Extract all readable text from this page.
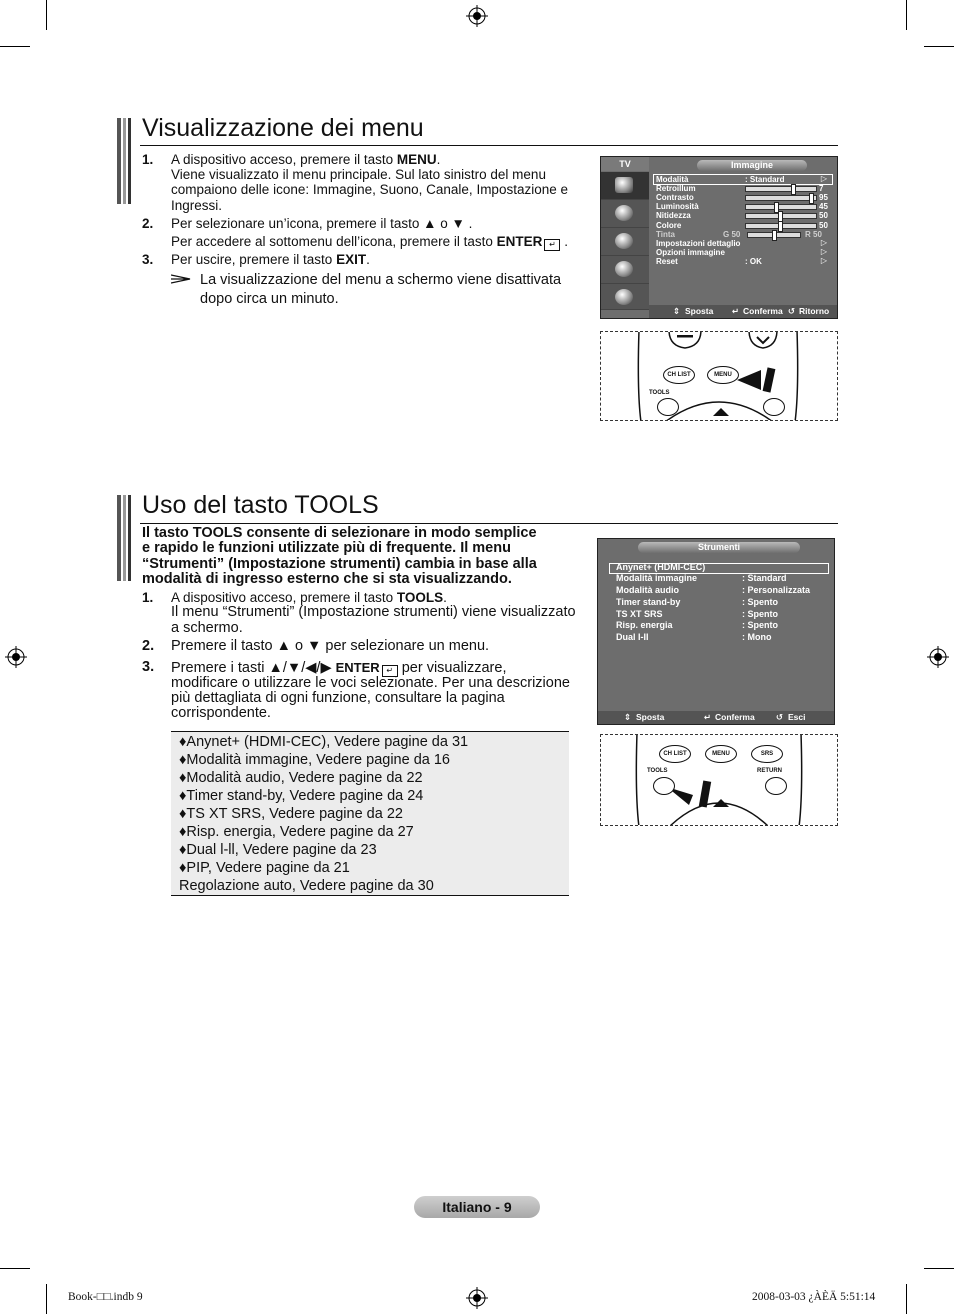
Visualizzazione dei menu
1. A dispositivo acceso, premere il tasto MENU.
Viene visualizzato il menu principale. Sul lato sinistro del menu
compaiono delle icone: Immagine, Suono, Canale, Impostazione e
Ingressi.
2. Per selezionare un’icona, premere il tasto ▲ o ▼ .
Per accedere al sottomenu dell’icona, premere il tasto ENTER ↵ .
3. Per uscire, premere il tasto EXIT.
La visualizzazione del menu a schermo viene disattivata
dopo circa un minuto.
TV	Immagine
Modalità	: Standard	▷
Retroillum	7
Contrasto	95
Luminosità	45
Nitidezza	50
Colore	50
Tinta	G 50	R 50
Impostazioni dettaglio	▷
Opzioni immagine	▷
Reset	: OK	▷
⇕ Sposta ↵ Conferma ↺ Ritorno
CH LIST	MENU
TOOLS
Uso del tasto TOOLS
Il tasto TOOLS consente di selezionare in modo semplice
e rapido le funzioni utilizzate più di frequente. Il menu
“Strumenti” (Impostazione strumenti) cambia in base alla
modalità di ingresso esterno che si sta visualizzando.
1. A dispositivo acceso, premere il tasto TOOLS.
Il menu “Strumenti” (Impostazione strumenti) viene visualizzato
a schermo.
2. Premere il tasto ▲ o ▼ per selezionare un menu.
3. Premere i tasti ▲/▼/◀/▶ ENTER ↵ per visualizzare,
modificare o utilizzare le voci selezionate. Per una descrizione
più dettagliata di ogni funzione, consultare la pagina
corrispondente.
♦Anynet+ (HDMI-CEC), Vedere pagine da 31
♦Modalità immagine, Vedere pagine da 16
♦Modalità audio, Vedere pagine da 22
♦Timer stand-by, Vedere pagine da 24
♦TS XT SRS, Vedere pagine da 22
♦Risp. energia, Vedere pagine da 27
♦Dual l-ll, Vedere pagine da 23
♦PIP, Vedere pagine da 21
Regolazione auto, Vedere pagine da 30
Strumenti
Anynet+ (HDMI-CEC)
Modalità immagine	: Standard
Modalità audio	: Personalizzata
Timer stand-by	: Spento
TS XT SRS	: Spento
Risp. energia	: Spento
Dual I-II	: Mono
⇕ Sposta	↵ Conferma	↺ Esci
CH LIST	MENU	SRS
TOOLS	RETURN
Italiano - 9
Book-□□.indb 9	2008-03-03 ¿ÀÈÄ 5:51:14
